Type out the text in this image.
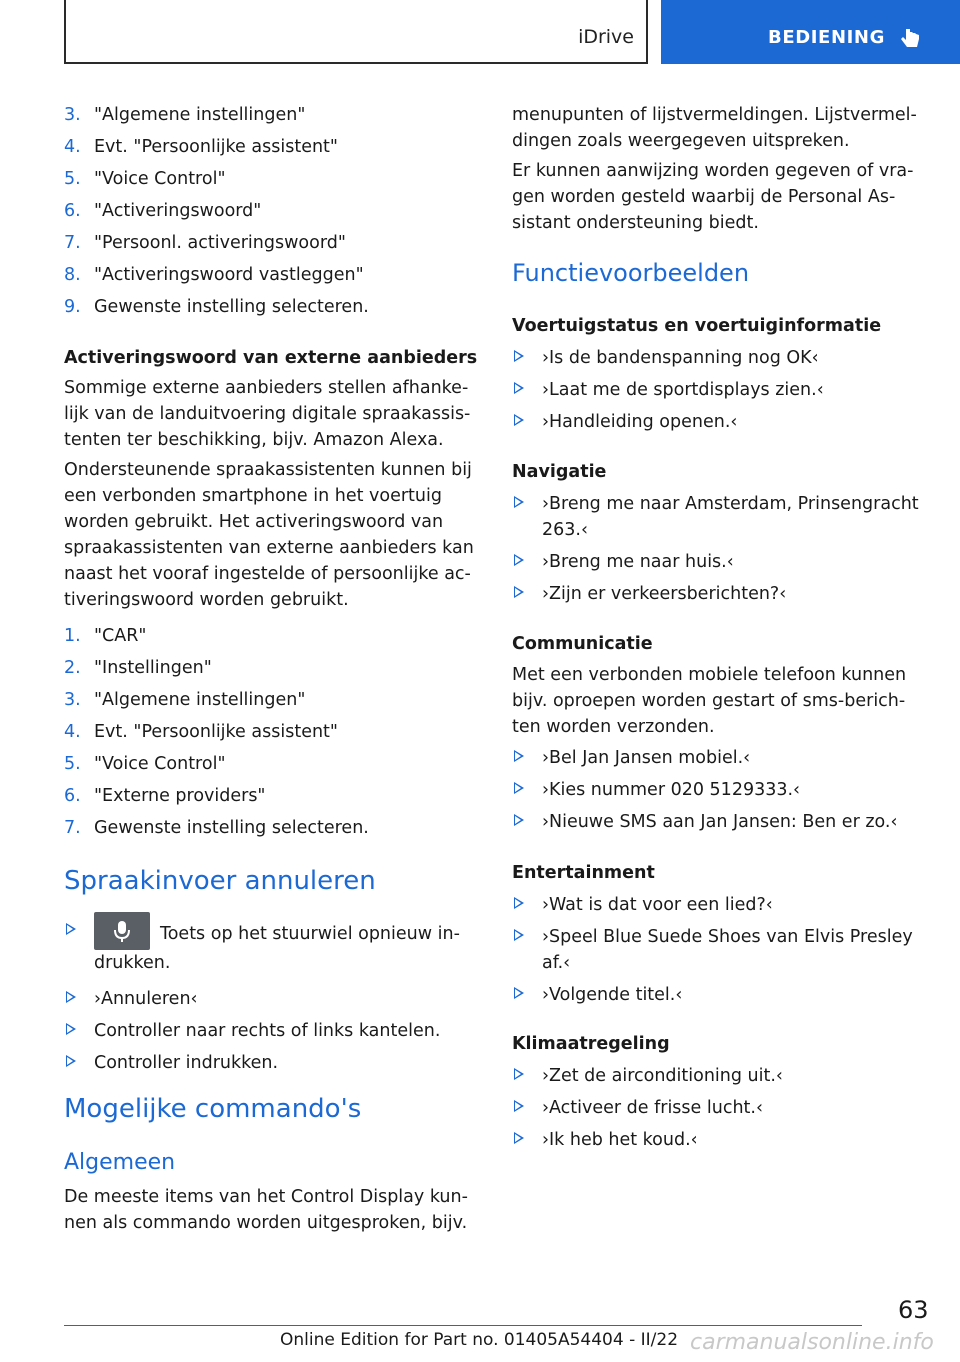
iDrive	BEDIENING
3. "Algemene instellingen"
4. Evt. "Persoonlijke assistent"
5. "Voice Control"
6. "Activeringswoord"
7. "Persoonl. activeringswoord"
8. "Activeringswoord vastleggen"
9. Gewenste instelling selecteren.

Activeringswoord van externe aanbieders

Sommige externe aanbieders stellen afhanke-lijk van de landuitvoering digitale spraakassis-tenten ter beschikking, bijv. Amazon Alexa.

Ondersteunende spraakassistenten kunnen bij een verbonden smartphone in het voertuig worden gebruikt. Het activeringswoord van spraakassistenten van externe aanbieders kan naast het vooraf ingestelde of persoonlijke ac-tiveringswoord worden gebruikt.

1. "CAR"
2. "Instellingen"
3. "Algemene instellingen"
4. Evt. "Persoonlijke assistent"
5. "Voice Control"
6. "Externe providers"
7. Gewenste instelling selecteren.
Spraakinvoer annuleren
Toets op het stuurwiel opnieuw in-drukken.
›Annuleren‹
Controller naar rechts of links kantelen.
Controller indrukken.
Mogelijke commando's
Algemeen

De meeste items van het Control Display kun-nen als commando worden uitgesproken, bijv.

menupunten of lijstvermeldingen. Lijstvermel-dingen zoals weergegeven uitspreken.

Er kunnen aanwijzing worden gegeven of vra-gen worden gesteld waarbij de Personal As-sistant ondersteuning biedt.

Functievoorbeelden

Voertuigstatus en voertuiginformatie

›Is de bandenspanning nog OK‹
›Laat me de sportdisplays zien.‹
›Handleiding openen.‹

Navigatie

›Breng me naar Amsterdam, Prinsengracht 263.‹
›Breng me naar huis.‹
›Zijn er verkeersberichten?‹

Communicatie

Met een verbonden mobiele telefoon kunnen bijv. oproepen worden gestart of sms-berich-ten worden verzonden.

›Bel Jan Jansen mobiel.‹
›Kies nummer 020 5129333.‹
›Nieuwe SMS aan Jan Jansen: Ben er zo.‹

Entertainment

›Wat is dat voor een lied?‹
›Speel Blue Suede Shoes van Elvis Presley af.‹
›Volgende titel.‹

Klimaatregeling

›Zet de airconditioning uit.‹
›Activeer de frisse lucht.‹
›Ik heb het koud.‹
63
Online Edition for Part no. 01405A54404 - II/22 carmanualsonline.info
